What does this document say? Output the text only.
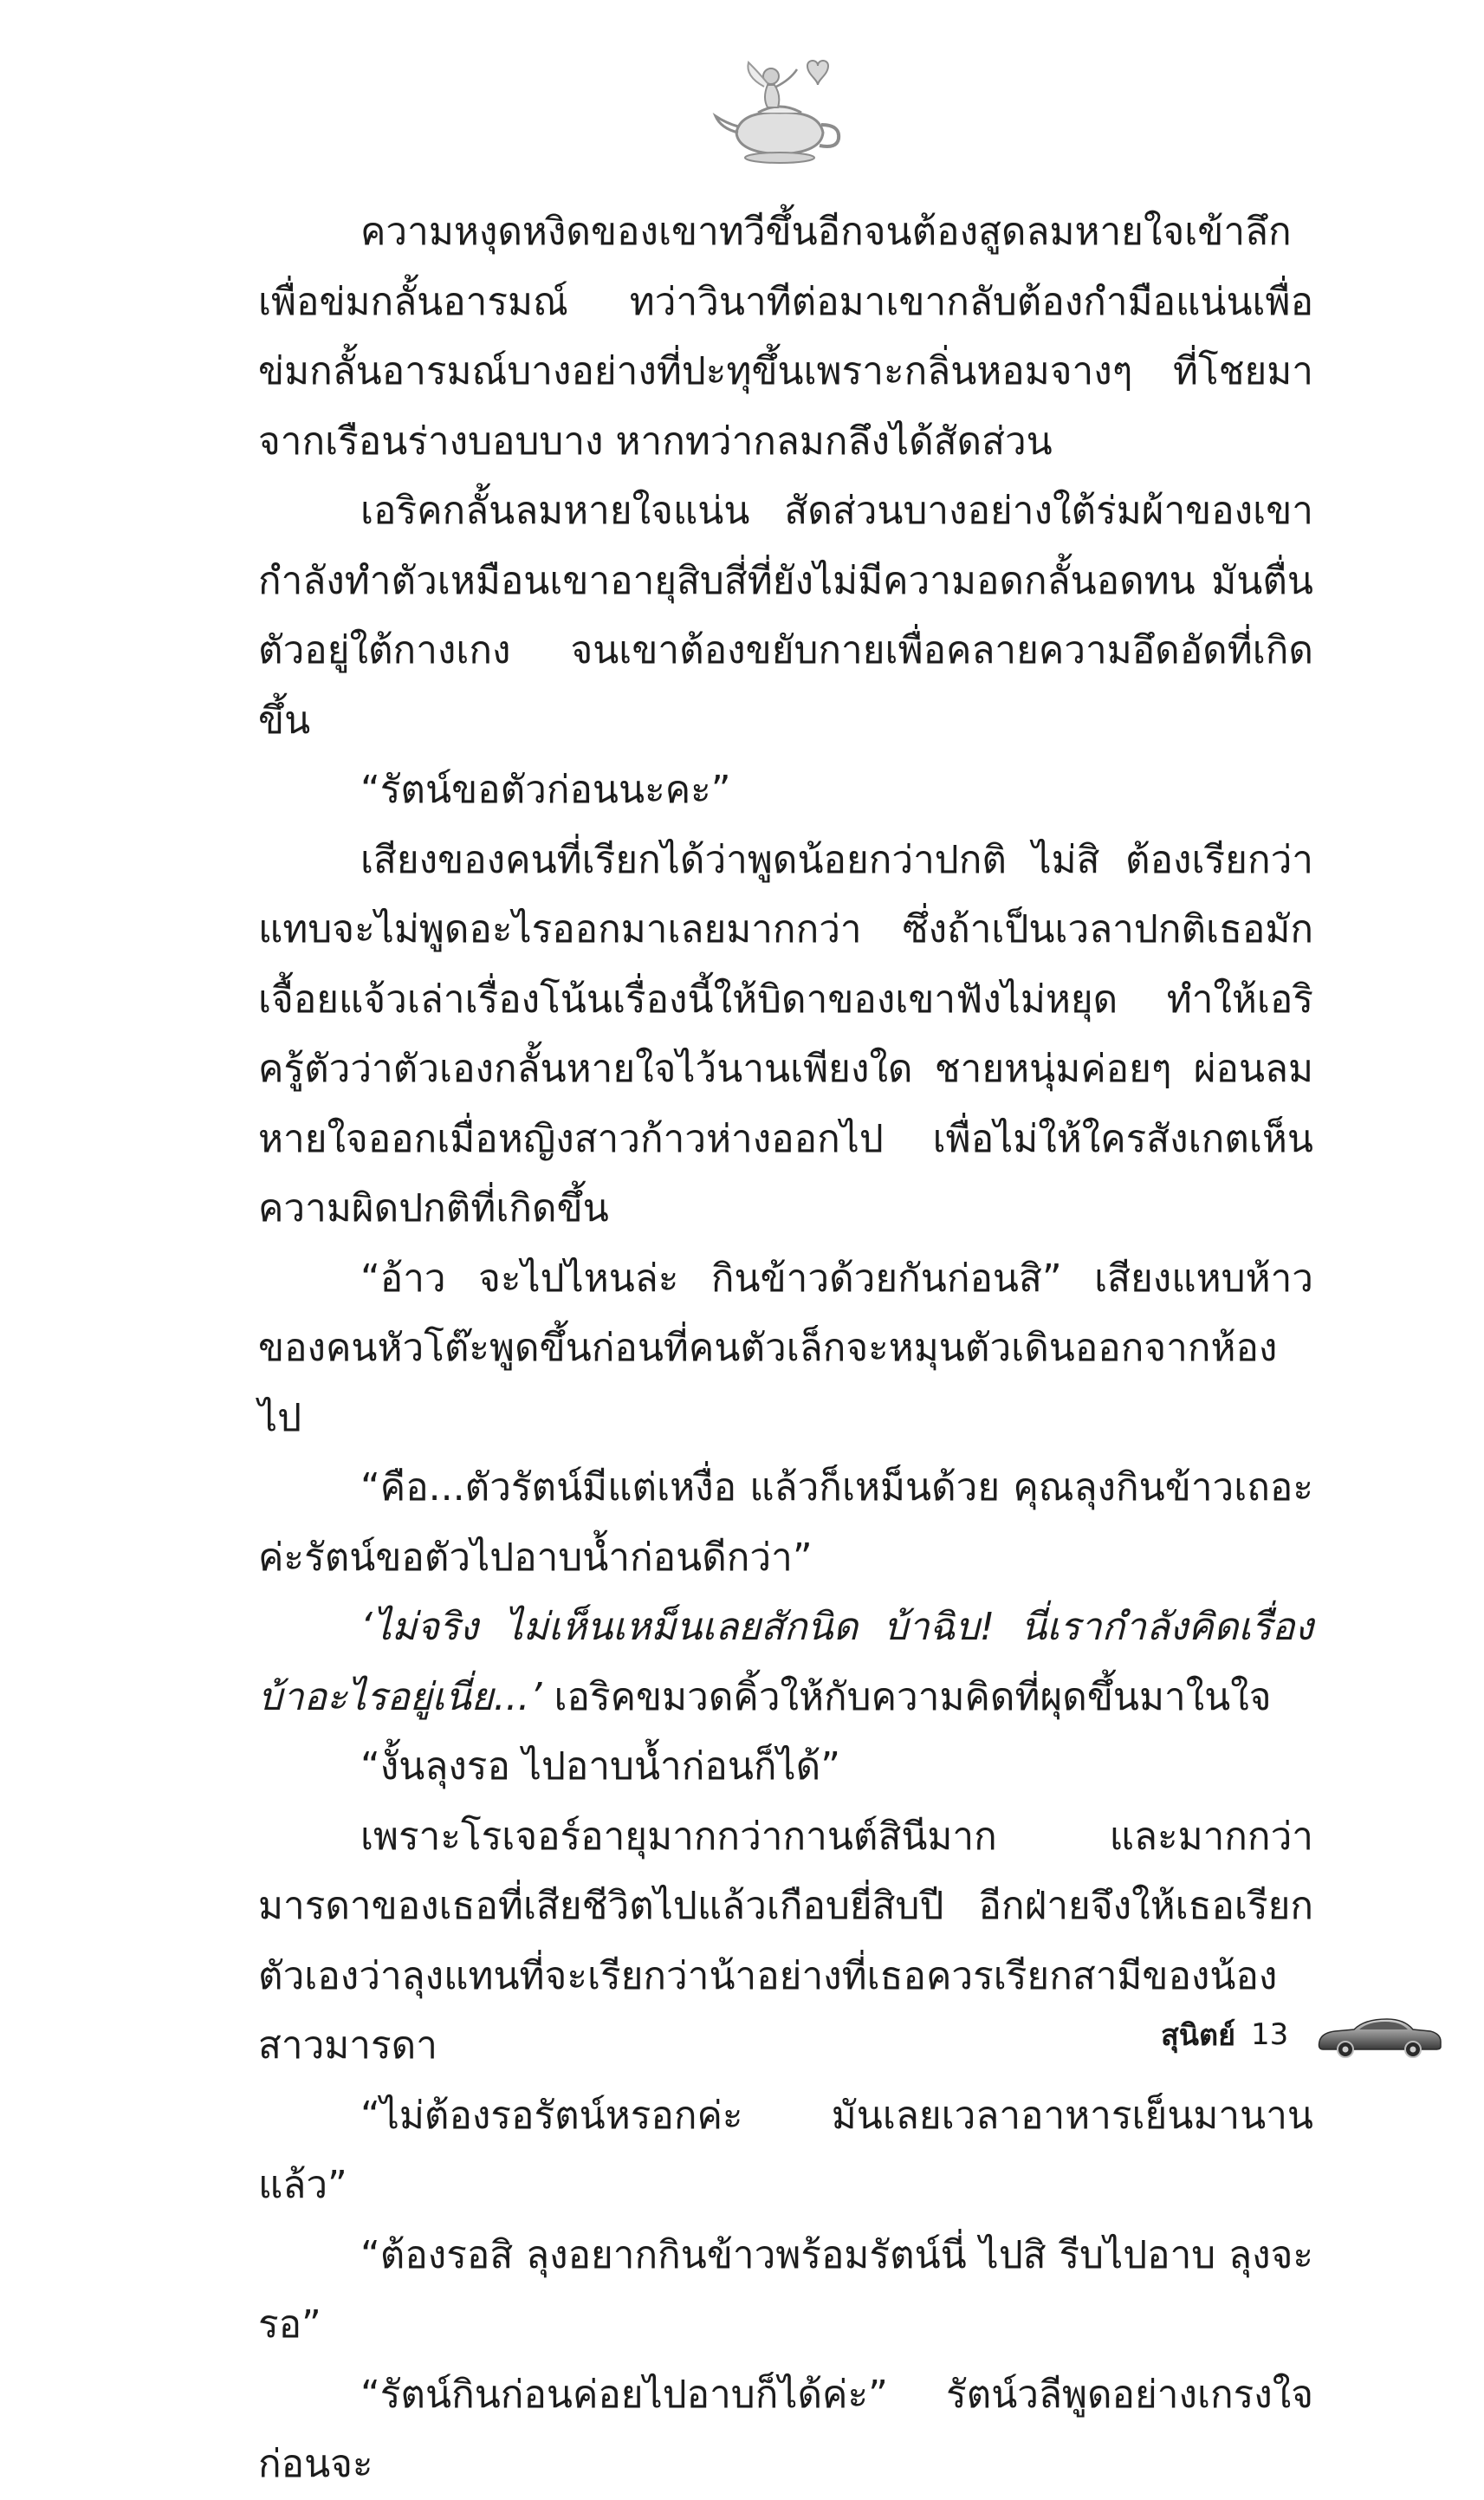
ความหงุดหงิดของเขาทวีขึ้นอีกจนต้องสูดลมหายใจเข้าลึกเพื่อข่มกลั้นอารมณ์ ทว่าวินาทีต่อมาเขากลับต้องกำมือแน่นเพื่อข่มกลั้นอารมณ์บางอย่างที่ปะทุขึ้นเพราะกลิ่นหอมจางๆ ที่โชยมาจากเรือนร่างบอบบาง หากทว่ากลมกลึงได้สัดส่วน

เอริคกลั้นลมหายใจแน่น สัดส่วนบางอย่างใต้ร่มผ้าของเขากำลังทำตัวเหมือนเขาอายุสิบสี่ที่ยังไม่มีความอดกลั้นอดทน มันตื่นตัวอยู่ใต้กางเกง จนเขาต้องขยับกายเพื่อคลายความอึดอัดที่เกิดขึ้น

“รัตน์ขอตัวก่อนนะคะ”

เสียงของคนที่เรียกได้ว่าพูดน้อยกว่าปกติ ไม่สิ ต้องเรียกว่าแทบจะไม่พูดอะไรออกมาเลยมากกว่า ซึ่งถ้าเป็นเวลาปกติเธอมักเจื้อยแจ้วเล่าเรื่องโน้นเรื่องนี้ให้บิดาของเขาฟังไม่หยุด ทำให้เอริครู้ตัวว่าตัวเองกลั้นหายใจไว้นานเพียงใด ชายหนุ่มค่อยๆ ผ่อนลมหายใจออกเมื่อหญิงสาวก้าวห่างออกไป เพื่อไม่ให้ใครสังเกตเห็นความผิดปกติที่เกิดขึ้น

“อ้าว จะไปไหนล่ะ กินข้าวด้วยกันก่อนสิ” เสียงแหบห้าวของคนหัวโต๊ะพูดขึ้นก่อนที่คนตัวเล็กจะหมุนตัวเดินออกจากห้องไป

“คือ...ตัวรัตน์มีแต่เหงื่อ แล้วก็เหม็นด้วย คุณลุงกินข้าวเถอะค่ะรัตน์ขอตัวไปอาบน้ำก่อนดีกว่า”

‘ไม่จริง ไม่เห็นเหม็นเลยสักนิด บ้าฉิบ! นี่เรากำลังคิดเรื่องบ้าอะไรอยู่เนี่ย...’ เอริคขมวดคิ้วให้กับความคิดที่ผุดขึ้นมาในใจ

“งั้นลุงรอ ไปอาบน้ำก่อนก็ได้”

เพราะโรเจอร์อายุมากกว่ากานต์สินีมาก และมากกว่ามารดาของเธอที่เสียชีวิตไปแล้วเกือบยี่สิบปี อีกฝ่ายจึงให้เธอเรียกตัวเองว่าลุงแทนที่จะเรียกว่าน้าอย่างที่เธอควรเรียกสามีของน้องสาวมารดา

“ไม่ต้องรอรัตน์หรอกค่ะ มันเลยเวลาอาหารเย็นมานานแล้ว”

“ต้องรอสิ ลุงอยากกินข้าวพร้อมรัตน์นี่ ไปสิ รีบไปอาบ ลุงจะรอ”

“รัตน์กินก่อนค่อยไปอาบก็ได้ค่ะ” รัตน์วลีพูดอย่างเกรงใจ ก่อนจะ

สุนิตย์ 13
